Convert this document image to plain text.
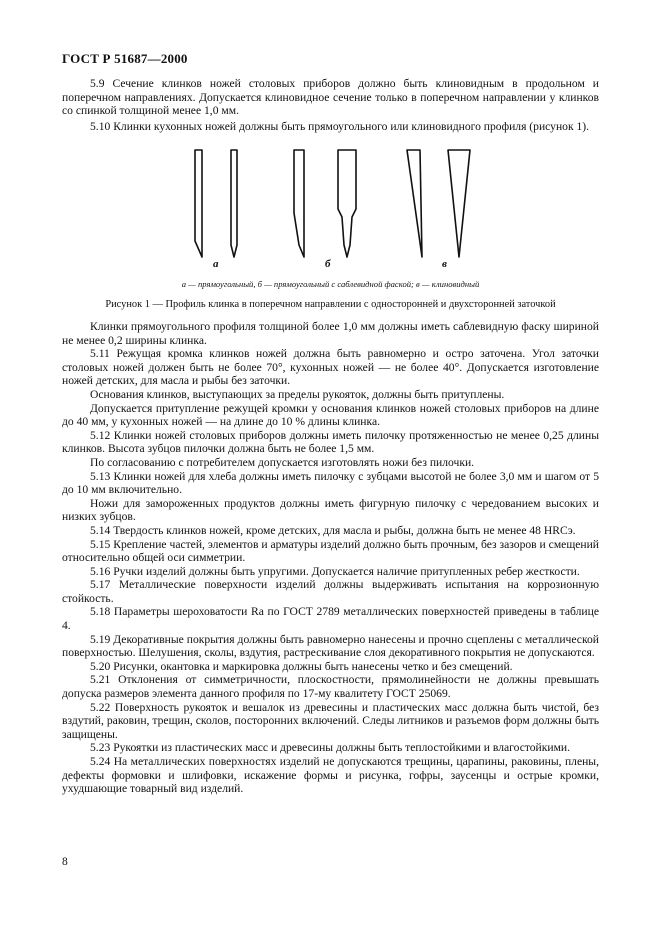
ГОСТ Р 51687—2000

5.9 Сечение клинков ножей столовых приборов должно быть клиновидным в продольном и поперечном направлениях. Допускается клиновидное сечение только в поперечном направлении у клинков со спинкой толщиной менее 1,0 мм.

5.10 Клинки кухонных ножей должны быть прямоугольного или клиновидного профиля (рисунок 1).

а	б	в
а — прямоугольный, б — прямоугольный с саблевидной фаской; в — клиновидный
Рисунок 1 — Профиль клинка в поперечном направлении с односторонней и двухсторонней заточкой

Клинки прямоугольного профиля толщиной более 1,0 мм должны иметь саблевидную фаску шириной не менее 0,2 ширины клинка.

5.11 Режущая кромка клинков ножей должна быть равномерно и остро заточена. Угол заточки столовых ножей должен быть не более 70°, кухонных ножей — не более 40°. Допускается изготовление ножей детских, для масла и рыбы без заточки.

Основания клинков, выступающих за пределы рукояток, должны быть притуплены.

Допускается притупление режущей кромки у основания клинков ножей столовых приборов на длине до 40 мм, у кухонных ножей — на длине до 10 % длины клинка.

5.12 Клинки ножей столовых приборов должны иметь пилочку протяженностью не менее 0,25 длины клинков. Высота зубцов пилочки должна быть не более 1,5 мм.

По согласованию с потребителем допускается изготовлять ножи без пилочки.

5.13 Клинки ножей для хлеба должны иметь пилочку с зубцами высотой не более 3,0 мм и шагом от 5 до 10 мм включительно.

Ножи для замороженных продуктов должны иметь фигурную пилочку с чередованием высоких и низких зубцов.

5.14 Твердость клинков ножей, кроме детских, для масла и рыбы, должна быть не менее 48 HRCэ.

5.15 Крепление частей, элементов и арматуры изделий должно быть прочным, без зазоров и смещений относительно общей оси симметрии.

5.16 Ручки изделий должны быть упругими. Допускается наличие притупленных ребер жесткости.

5.17 Металлические поверхности изделий должны выдерживать испытания на коррозионную стойкость.

5.18 Параметры шероховатости Ra по ГОСТ 2789 металлических поверхностей приведены в таблице 4.

5.19 Декоративные покрытия должны быть равномерно нанесены и прочно сцеплены с металлической поверхностью. Шелушения, сколы, вздутия, растрескивание слоя декоративного покрытия не допускаются.

5.20 Рисунки, окантовка и маркировка должны быть нанесены четко и без смещений.

5.21 Отклонения от симметричности, плоскостности, прямолинейности не должны превышать допуска размеров элемента данного профиля по 17-му квалитету ГОСТ 25069.

5.22 Поверхность рукояток и вешалок из древесины и пластических масс должна быть чистой, без вздутий, раковин, трещин, сколов, посторонних включений. Следы литников и разъемов форм должны быть защищены.

5.23 Рукоятки из пластических масс и древесины должны быть теплостойкими и влагостойкими.

5.24 На металлических поверхностях изделий не допускаются трещины, царапины, раковины, плены, дефекты формовки и шлифовки, искажение формы и рисунка, гофры, заусенцы и острые кромки, ухудшающие товарный вид изделий.

8
